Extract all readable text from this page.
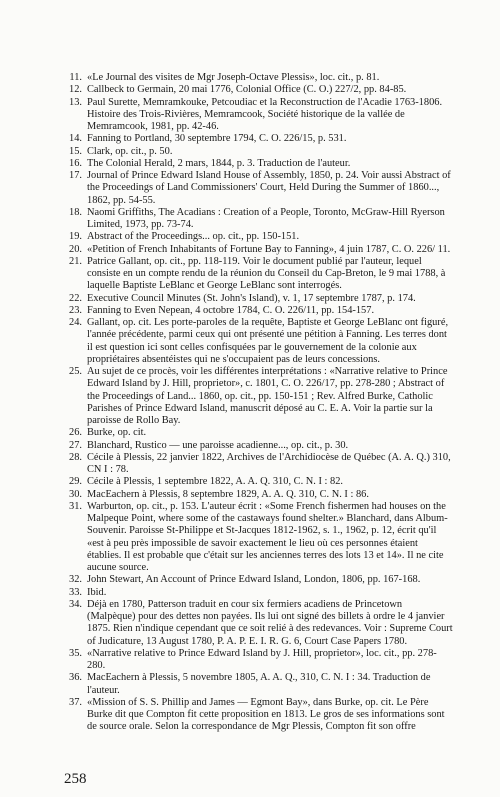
11. «Le Journal des visites de Mgr Joseph-Octave Plessis», loc. cit., p. 81.
12. Callbeck to Germain, 20 mai 1776, Colonial Office (C. O.) 227/2, pp. 84-85.
13. Paul Surette, Memramkouke, Petcoudiac et la Reconstruction de l'Acadie 1763-1806. Histoire des Trois-Rivières, Memramcook, Société historique de la vallée de Memramcook, 1981, pp. 42-46.
14. Fanning to Portland, 30 septembre 1794, C. O. 226/15, p. 531.
15. Clark, op. cit., p. 50.
16. The Colonial Herald, 2 mars, 1844, p. 3. Traduction de l'auteur.
17. Journal of Prince Edward Island House of Assembly, 1850, p. 24. Voir aussi Abstract of the Proceedings of Land Commissioners' Court, Held During the Summer of 1860..., 1862, pp. 54-55.
18. Naomi Griffiths, The Acadians : Creation of a People, Toronto, McGraw-Hill Ryerson Limited, 1973, pp. 73-74.
19. Abstract of the Proceedings... op. cit., pp. 150-151.
20. «Petition of French Inhabitants of Fortune Bay to Fanning», 4 juin 1787, C. O. 226/ 11.
21. Patrice Gallant, op. cit., pp. 118-119. Voir le document publié par l'auteur, lequel consiste en un compte rendu de la réunion du Conseil du Cap-Breton, le 9 mai 1788, à laquelle Baptiste LeBlanc et George LeBlanc sont interrogés.
22. Executive Council Minutes (St. John's Island), v. 1, 17 septembre 1787, p. 174.
23. Fanning to Even Nepean, 4 octobre 1784, C. O. 226/11, pp. 154-157.
24. Gallant, op. cit. Les porte-paroles de la requête, Baptiste et George LeBlanc ont figuré, l'année précédente, parmi ceux qui ont présenté une pétition à Fanning. Les terres dont il est question ici sont celles confisquées par le gouvernement de la colonie aux propriétaires absentéistes qui ne s'occupaient pas de leurs concessions.
25. Au sujet de ce procès, voir les différentes interprétations : «Narrative relative to Prince Edward Island by J. Hill, proprietor», c. 1801, C. O. 226/17, pp. 278-280 ; Abstract of the Proceedings of Land... 1860, op. cit., pp. 150-151 ; Rev. Alfred Burke, Catholic Parishes of Prince Edward Island, manuscrit déposé au C. E. A. Voir la partie sur la paroisse de Rollo Bay.
26. Burke, op. cit.
27. Blanchard, Rustico — une paroisse acadienne..., op. cit., p. 30.
28. Cécile à Plessis, 22 janvier 1822, Archives de l'Archidiocèse de Québec (A. A. Q.) 310, CN I : 78.
29. Cécile à Plessis, 1 septembre 1822, A. A. Q. 310, C. N. I : 82.
30. MacEachern à Plessis, 8 septembre 1829, A. A. Q. 310, C. N. I : 86.
31. Warburton, op. cit., p. 153. L'auteur écrit : «Some French fishermen had houses on the Malpeque Point, where some of the castaways found shelter.» Blanchard, dans Album-Souvenir. Paroisse St-Philippe et St-Jacques 1812-1962, s. 1., 1962, p. 12, écrit qu'il «est à peu près impossible de savoir exactement le lieu où ces personnes étaient établies. Il est probable que c'était sur les anciennes terres des lots 13 et 14». Il ne cite aucune source.
32. John Stewart, An Account of Prince Edward Island, London, 1806, pp. 167-168.
33. Ibid.
34. Déjà en 1780, Patterson traduit en cour six fermiers acadiens de Princetown (Malpèque) pour des dettes non payées. Ils lui ont signé des billets à ordre le 4 janvier 1875. Rien n'indique cependant que ce soit relié à des redevances. Voir : Supreme Court of Judicature, 13 August 1780, P. A. P. E. I. R. G. 6, Court Case Papers 1780.
35. «Narrative relative to Prince Edward Island by J. Hill, proprietor», loc. cit., pp. 278-280.
36. MacEachern à Plessis, 5 novembre 1805, A. A. Q., 310, C. N. I : 34. Traduction de l'auteur.
37. «Mission of S. S. Phillip and James — Egmont Bay», dans Burke, op. cit. Le Père Burke dit que Compton fit cette proposition en 1813. Le gros de ses informations sont de source orale. Selon la correspondance de Mgr Plessis, Compton fit son offre
258
